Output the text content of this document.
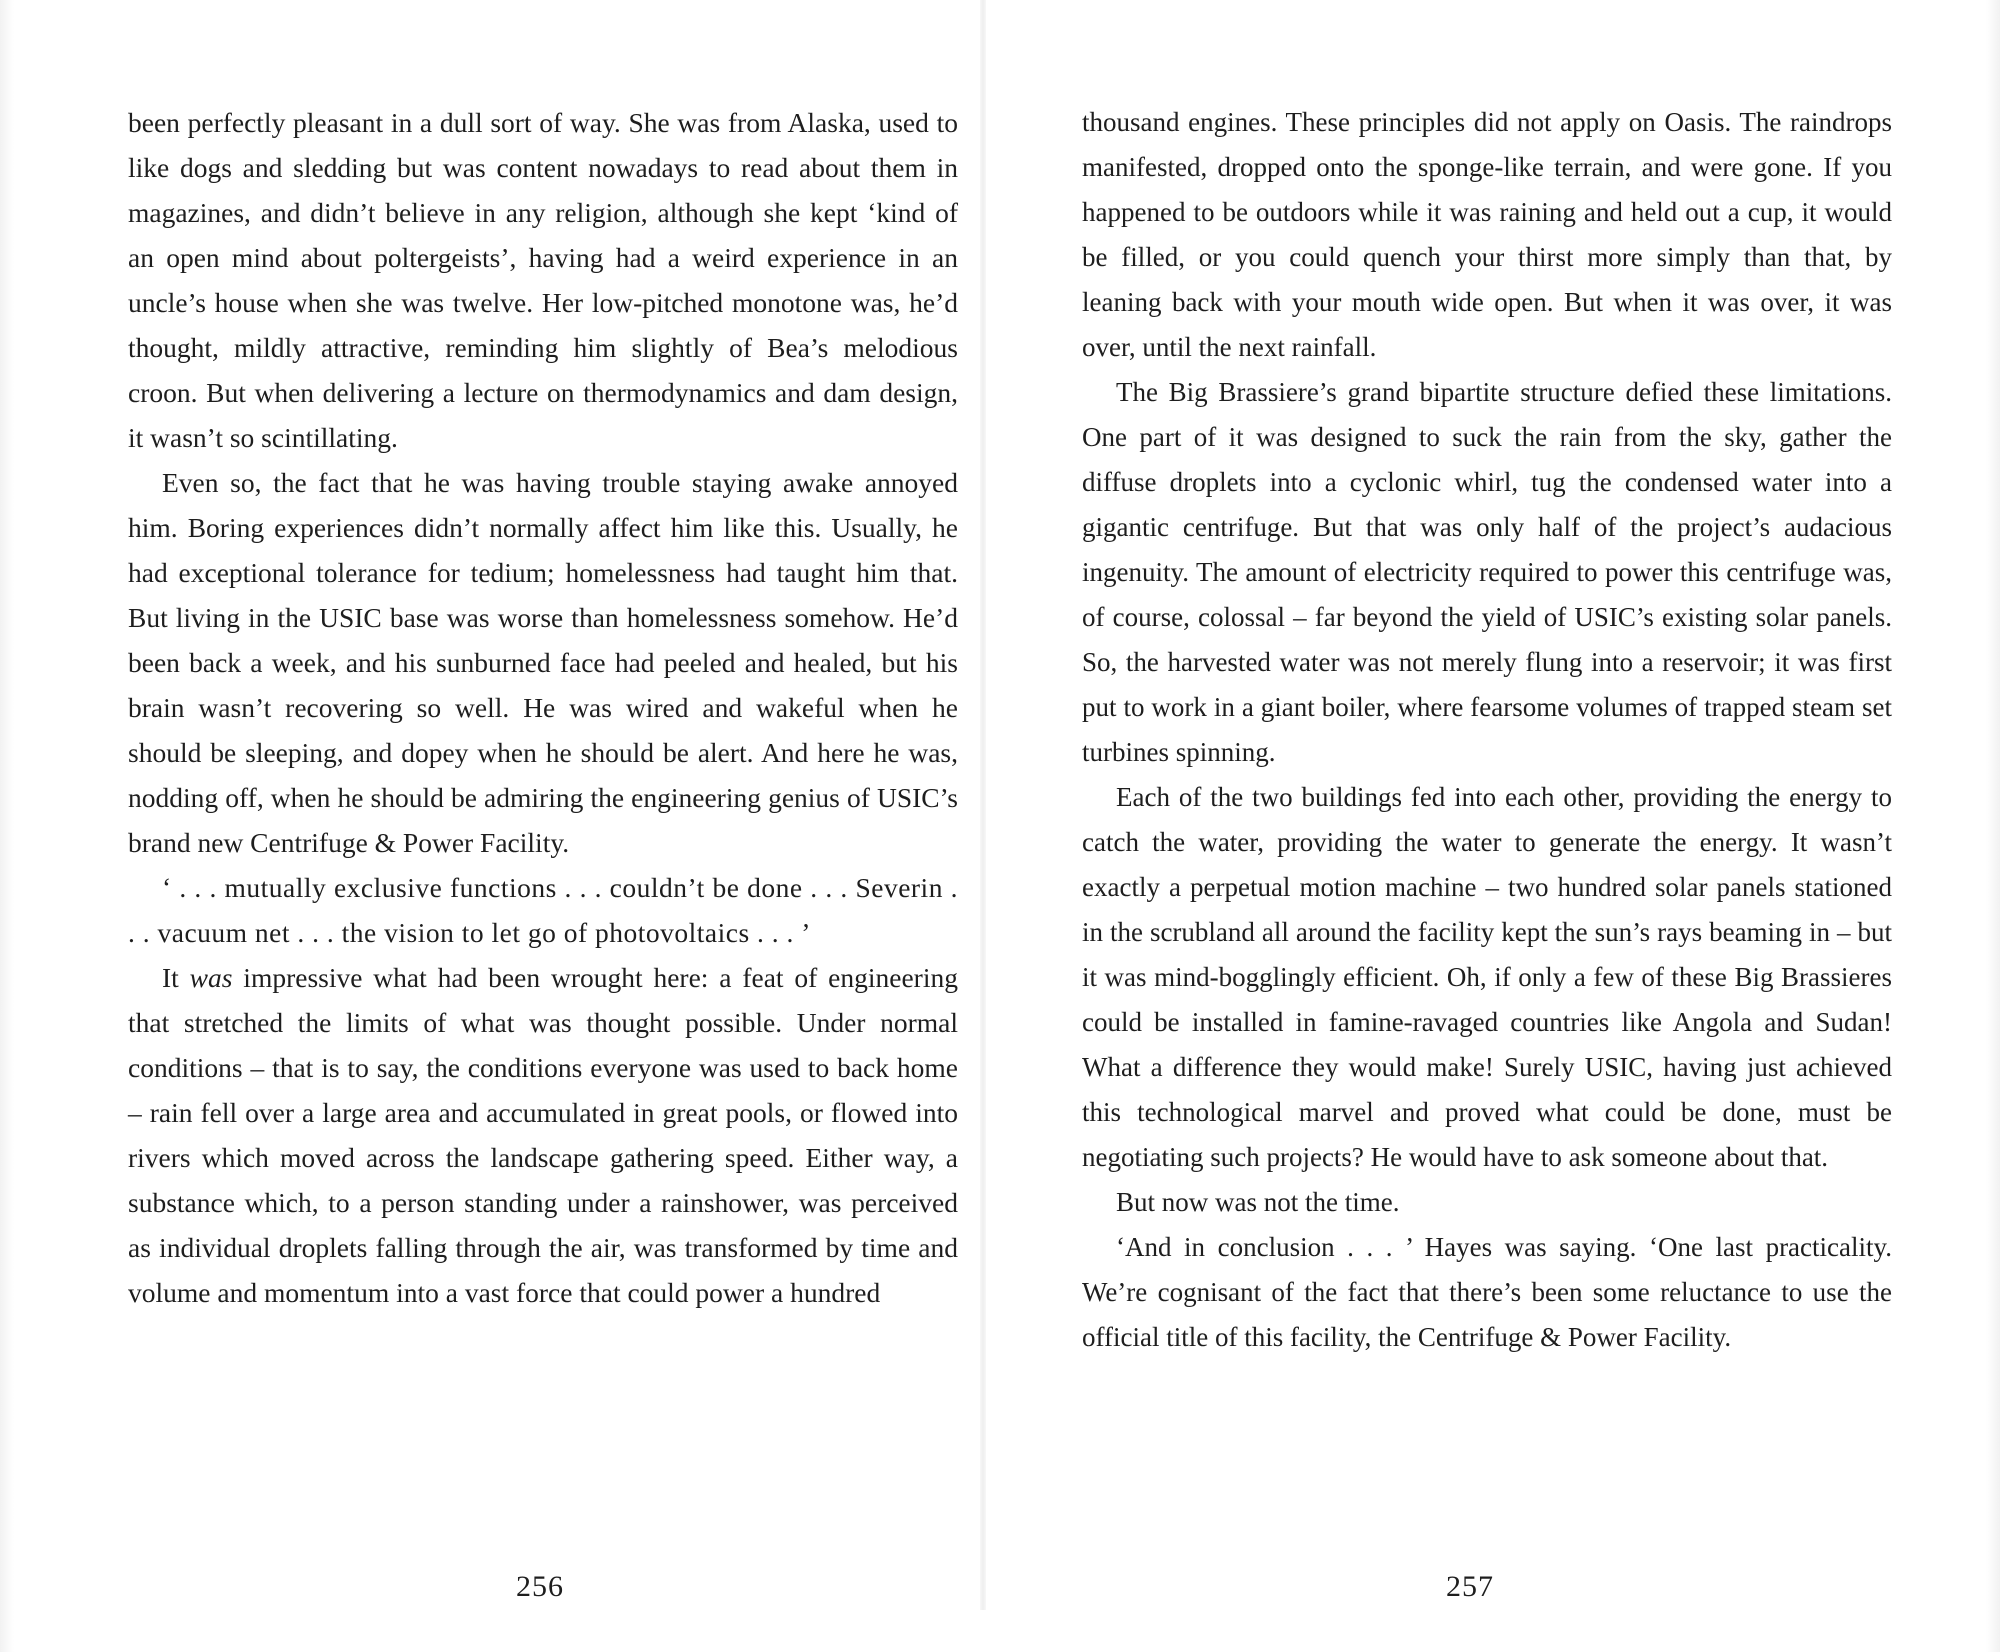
been perfectly pleasant in a dull sort of way. She was from Alaska, used to like dogs and sledding but was content nowadays to read about them in magazines, and didn’t believe in any religion, although she kept ‘kind of an open mind about poltergeists’, having had a weird experience in an uncle’s house when she was twelve. Her low-pitched monotone was, he’d thought, mildly attractive, reminding him slightly of Bea’s melodious croon. But when delivering a lecture on thermodynamics and dam design, it wasn’t so scintillating.

Even so, the fact that he was having trouble staying awake annoyed him. Boring experiences didn’t normally affect him like this. Usually, he had exceptional tolerance for tedium; homelessness had taught him that. But living in the USIC base was worse than homelessness somehow. He’d been back a week, and his sunburned face had peeled and healed, but his brain wasn’t recovering so well. He was wired and wakeful when he should be sleeping, and dopey when he should be alert. And here he was, nodding off, when he should be admiring the engineering genius of USIC’s brand new Centrifuge & Power Facility.

‘ . . . mutually exclusive functions . . . couldn’t be done . . . Severin . . . vacuum net . . . the vision to let go of photovoltaics . . . ’

It was impressive what had been wrought here: a feat of engineering that stretched the limits of what was thought possible. Under normal conditions – that is to say, the conditions everyone was used to back home – rain fell over a large area and accumulated in great pools, or flowed into rivers which moved across the landscape gathering speed. Either way, a substance which, to a person standing under a rainshower, was perceived as individual droplets falling through the air, was transformed by time and volume and momentum into a vast force that could power a hundred

256

thousand engines. These principles did not apply on Oasis. The raindrops manifested, dropped onto the sponge-like terrain, and were gone. If you happened to be outdoors while it was raining and held out a cup, it would be filled, or you could quench your thirst more simply than that, by leaning back with your mouth wide open. But when it was over, it was over, until the next rainfall.

The Big Brassiere’s grand bipartite structure defied these limitations. One part of it was designed to suck the rain from the sky, gather the diffuse droplets into a cyclonic whirl, tug the condensed water into a gigantic centrifuge. But that was only half of the project’s audacious ingenuity. The amount of electricity required to power this centrifuge was, of course, colossal – far beyond the yield of USIC’s existing solar panels. So, the harvested water was not merely flung into a reservoir; it was first put to work in a giant boiler, where fearsome volumes of trapped steam set turbines spinning.

Each of the two buildings fed into each other, providing the energy to catch the water, providing the water to generate the energy. It wasn’t exactly a perpetual motion machine – two hundred solar panels stationed in the scrubland all around the facility kept the sun’s rays beaming in – but it was mind-bogglingly efficient. Oh, if only a few of these Big Brassieres could be installed in famine-ravaged countries like Angola and Sudan! What a difference they would make! Surely USIC, having just achieved this technological marvel and proved what could be done, must be negotiating such projects? He would have to ask someone about that.

But now was not the time.

‘And in conclusion . . . ’ Hayes was saying. ‘One last practicality. We’re cognisant of the fact that there’s been some reluctance to use the official title of this facility, the Centrifuge & Power Facility.

257
